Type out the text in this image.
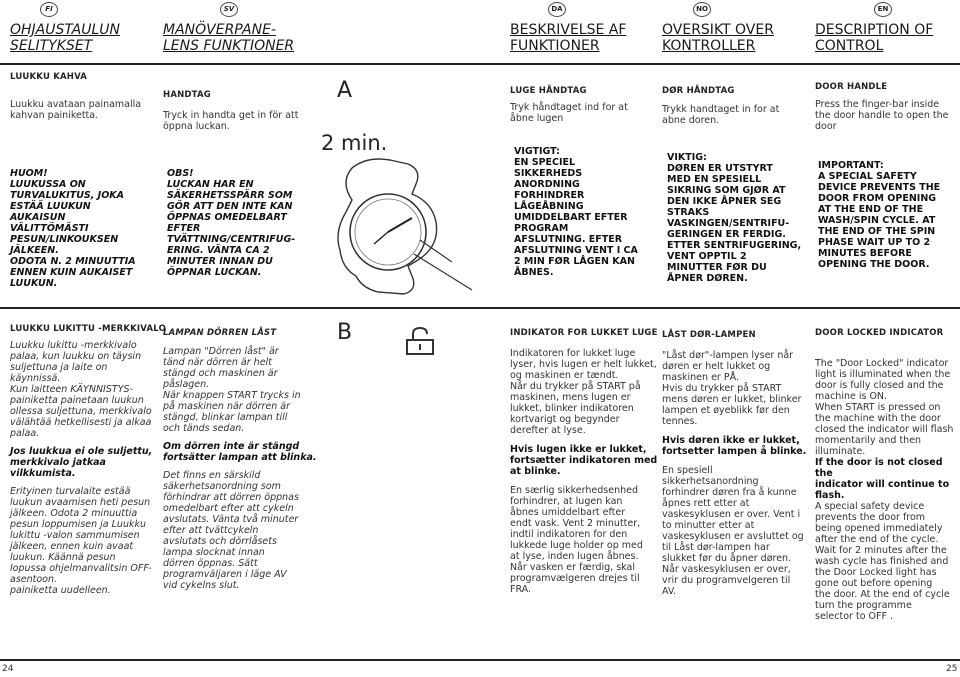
FI	SV	DA	NO	EN
OHJAUSTAULUN
SELITYKSET
MANÖVERPANE-
LENS FUNKTIONER
BESKRIVELSE AF
FUNKTIONER
OVERSIKT OVER
KONTROLLER
DESCRIPTION OF
CONTROL
LUUKKU KAHVA
Luukku avataan painamalla
kahvan painiketta.
HUOM!
LUUKUSSA ON
TURVALUKITUS, JOKA
ESTÄÄ LUUKUN
AUKAISUN
VÄLITTÖMÄSTI
PESUN/LINKOUKSEN
JÄLKEEN.
ODOTA N. 2 MINUUTTIA
ENNEN KUIN AUKAISET
LUUKUN.
HANDTAG
Tryck in handta get in för att
öppna luckan.
OBS!
LUCKAN HAR EN
SÄKERHETSSPÄRR SOM
GÖR ATT DEN INTE KAN
ÖPPNAS OMEDELBART
EFTER
TVÄTTNING/CENTRIFUG-
ERING. VÄNTA CA 2
MINUTER INNAN DU
ÖPPNAR LUCKAN.
A
2 min.
LUGE HÅNDTAG
Tryk håndtaget ind for at
åbne lugen
VIGTIGT:
EN SPECIEL
SIKKERHEDS
ANORDNING
FORHINDRER
LÅGEÅBNING
UMIDDELBART EFTER
PROGRAM
AFSLUTNING. EFTER
AFSLUTNING VENT I CA
2 MIN FØR LÅGEN KAN
ÅBNES.
DØR HÅNDTAG
Trykk handtaget in for at
abne doren.
VIKTIG:
DØREN ER UTSTYRT
MED EN SPESIELL
SIKRING SOM GJØR AT
DEN IKKE ÅPNER SEG
STRAKS
VASKINGEN/SENTRIFU-
GERINGEN ER FERDIG.
ETTER SENTRIFUGERING,
VENT OPPTIL 2
MINUTTER FØR DU
ÅPNER DØREN.
DOOR HANDLE
Press the finger-bar inside
the door handle to open the
door
IMPORTANT:
A SPECIAL SAFETY
DEVICE PREVENTS THE
DOOR FROM OPENING
AT THE END OF THE
WASH/SPIN CYCLE. AT
THE END OF THE SPIN
PHASE WAIT UP TO 2
MINUTES BEFORE
OPENING THE DOOR.
LUUKKU LUKITTU -MERKKIVALO
Luukku lukittu -merkkivalo
palaa, kun luukku on täysin
suljettuna ja laite on
käynnissä.
Kun laitteen KÄYNNISTYS-
painiketta painetaan luukun
ollessa suljettuna, merkkivalo
välähtää hetkellisesti ja alkaa
palaa.
Jos luukkua ei ole suljettu,
merkkivalo jatkaa
vilkkumista.
Erityinen turvalaite estää
luukun avaamisen heti pesun
jälkeen. Odota 2 minuuttia
pesun loppumisen ja Luukku
lukittu -valon sammumisen
jälkeen, ennen kuin avaat
luukun. Käännä pesun
lopussa ohjelmanvalitsin OFF-
asentoon.
painiketta uudelleen.
LAMPAN DÖRREN LÅST
Lampan "Dörren låst" är
tänd när dörren är helt
stängd och maskinen är
påslagen.
När knappen START trycks in
på maskinen när dörren är
stängd, blinkar lampan till
och tänds sedan.
Om dörren inte är stängd
fortsätter lampan att blinka.
Det finns en särskild
säkerhetsanordning som
förhindrar att dörren öppnas
omedelbart efter att cykeln
avslutats. Vänta två minuter
efter att tvättcykeln
avslutats och dörrlåsets
lampa slocknat innan
dörren öppnas. Sätt
programväljaren i läge AV
vid cykelns slut.
B	INDIKATOR FOR LUKKET LUGE
Indikatoren for lukket luge
lyser, hvis lugen er helt lukket,
og maskinen er tændt.
Når du trykker på START på
maskinen, mens lugen er
lukket, blinker indikatoren
kortvarigt og begynder
derefter at lyse.
Hvis lugen ikke er lukket,
fortsætter indikatoren med
at blinke.
En særlig sikkerhedsenhed
forhindrer, at lugen kan
åbnes umiddelbart efter
endt vask. Vent 2 minutter,
indtil indikatoren for den
lukkede luge holder op med
at lyse, inden lugen åbnes.
Når vasken er færdig, skal
programvælgeren drejes til
FRA.
LÅST DØR-LAMPEN
"Låst dør"-lampen lyser når
døren er helt lukket og
maskinen er PÅ.
Hvis du trykker på START
mens døren er lukket, blinker
lampen et øyeblikk før den
tennes.
Hvis døren ikke er lukket,
fortsetter lampen å blinke.
En spesiell
sikkerhetsanordning
forhindrer døren fra å kunne
åpnes rett etter at
vaskesyklusen er over. Vent i
to minutter etter at
vaskesyklusen er avsluttet og
til Låst dør-lampen har
slukket før du åpner døren.
Når vaskesyklusen er over,
vrir du programvelgeren til
AV.
DOOR LOCKED INDICATOR
The "Door Locked" indicator
light is illuminated when the
door is fully closed and the
machine is ON.
When START is pressed on
the machine with the door
closed the indicator will flash
momentarily and then
illuminate.
If the door is not closed the
indicator will continue to
flash.
A special safety device
prevents the door from
being opened immediately
after the end of the cycle.
Wait for 2 minutes after the
wash cycle has finished and
the Door Locked light has
gone out before opening
the door. At the end of cycle
turn the programme
selector to OFF .
24	25
